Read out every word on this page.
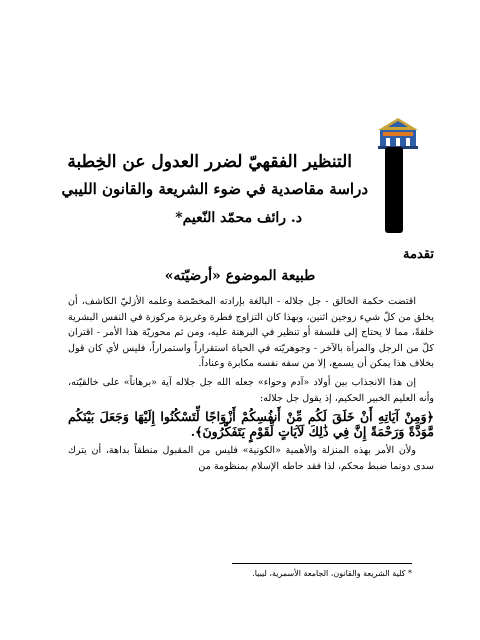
التنظير الفقهيّ لضرر العدول عن الخِطبة
دراسة مقاصدية في ضوء الشريعة والقانون الليبي
د. رائف محمّد النّعيم*
تقدمة
طبيعة الموضوع «أرضيّته»

اقتضت حكمة الخالق - جل جلاله - البالغة بإرادته المخصّصة وعلمه الأزليّ الكاشف، أن يخلق من كلّ شيء زوجين اثنين، وبهذا كان التزاوج فطرة وغريزة مركوزة في النفس البشرية خلقةً، مما لا يحتاج إلى فلسفة أو تنظير في البرهنة عليه، ومن ثم محوريّة هذا الأمر - اقتران كلّ من الرجل والمرأة بالآخر - وجوهريّته في الحياة استقراراً واستمراراً، فليس لأي كان قول بخلاف هذا يمكن أن يسمع، إلا من سفه نفسه مكابرة وعناداً.

إن هذا الانجذاب بين أولاد «آدم وحواء» جعله الله جل جلاله آية «برهاناً» على خالقيّته، وأنه العليم الخبير الحكيم، إذ يقول جل جلاله:

﴿وَمِنْ آيَاتِهِ أَنْ خَلَقَ لَكُم مِّنْ أَنفُسِكُمْ أَزْوَاجًا لِّتَسْكُنُوا إِلَيْهَا وَجَعَلَ بَيْنَكُم مَّوَدَّةً وَرَحْمَةً إِنَّ فِي ذَٰلِكَ لَآيَاتٍ لِّقَوْمٍ يَتَفَكَّرُونَ﴾.

ولأن الأمر بهذه المنزلة والأهمية «الكونية» فليس من المقبول منطقاً بداهة، أن يترك سدى دونما ضبط محكم، لذا فقد حاطه الإسلام بمنظومة من

* كلية الشريعة والقانون، الجامعة الأسمرية، ليبيا.
